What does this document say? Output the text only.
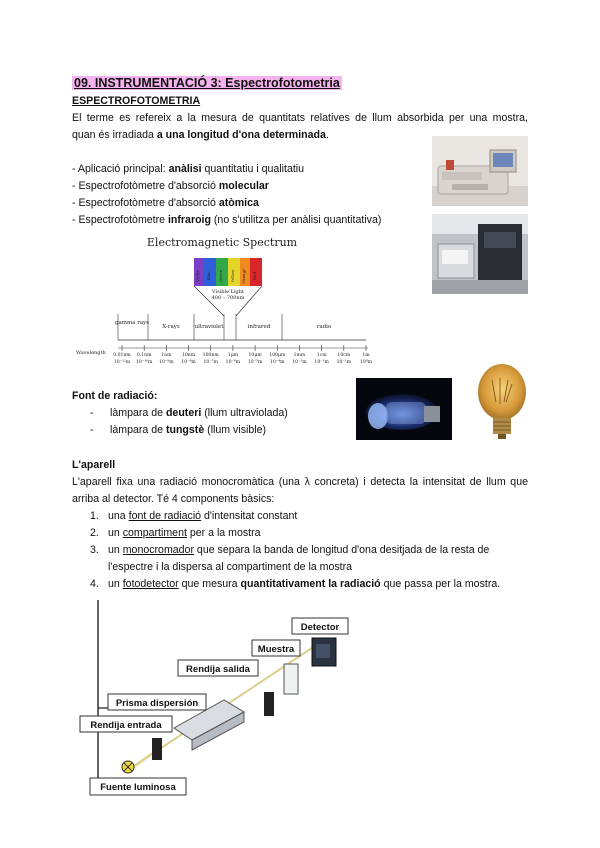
09. INSTRUMENTACIÓ 3: Espectrofotometria
ESPECTROFOTOMETRIA
El terme es refereix a la mesura de quantitats relatives de llum absorbida per una mostra,
quan és irradiada a una longitud d'ona determinada.
- Aplicació principal: anàlisi quantitatiu i qualitatiu
- Espectrofotòmetre d'absorció molecular
- Espectrofotòmetre d'absorció atòmica
- Espectrofotòmetre infraroig (no s'utilitza per anàlisi quantitativa)
Electromagnetic Spectrum
Violet Blue Green Yellow Orange Red
Visible Light
400 – 700nm
gamma rays
X-rays	ultraviolet	infrared	radio
Wavelength 0.01nm
10⁻¹¹m
0.1nm
10⁻¹⁰m
1nm
10⁻⁹m
10nm
10⁻⁸m
100nm
10⁻⁷m
1μm
10⁻⁶m
10μm
10⁻⁵m
100μm
10⁻⁴m
1mm
10⁻³m
1cm
10⁻²m
10cm
10⁻¹m
1m
10⁰m
Font de radiació:
- làmpara de deuteri (llum ultraviolada)
- làmpara de tungstè (llum visible)
L'aparell
L'aparell fixa una radiació monocromàtica (una λ concreta) i detecta la intensitat de llum que
arriba al detector. Té 4 components bàsics:
1. una font de radiació d'intensitat constant
2. un compartiment per a la mostra
3. un monocromador que separa la banda de longitud d'ona desitjada de la resta de
l'espectre i la dispersa al compartiment de la mostra
4. un fotodetector que mesura quantitativament la radiació que passa per la mostra.
Detector
Muestra
Rendija salida
Prisma dispersión
Rendija entrada
Fuente luminosa
